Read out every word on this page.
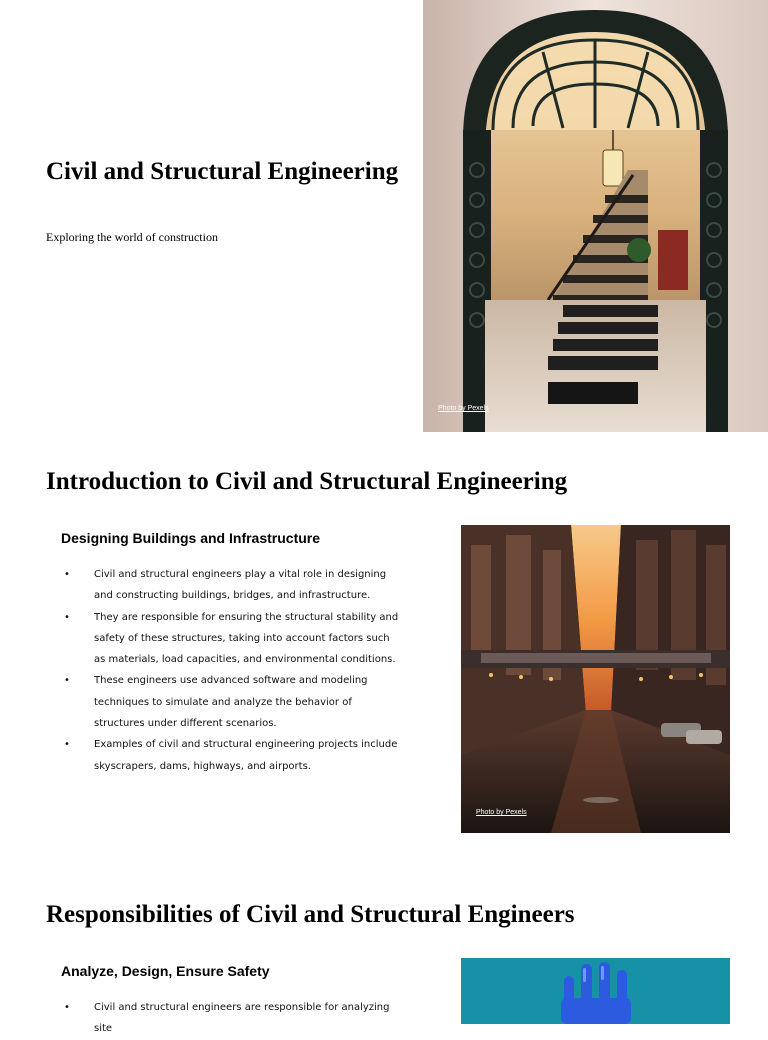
Civil and Structural Engineering

Exploring the world of construction

Photo by Pexels
Introduction to Civil and Structural Engineering
Designing Buildings and Infrastructure
• Civil and structural engineers play a vital role in designing and constructing buildings, bridges, and infrastructure.
• They are responsible for ensuring the structural stability and safety of these structures, taking into account factors such as materials, load capacities, and environmental conditions.
• These engineers use advanced software and modeling techniques to simulate and analyze the behavior of structures under different scenarios.
• Examples of civil and structural engineering projects include skyscrapers, dams, highways, and airports.
Photo by Pexels
Responsibilities of Civil and Structural Engineers
Analyze, Design, Ensure Safety
• Civil and structural engineers are responsible for analyzing site
